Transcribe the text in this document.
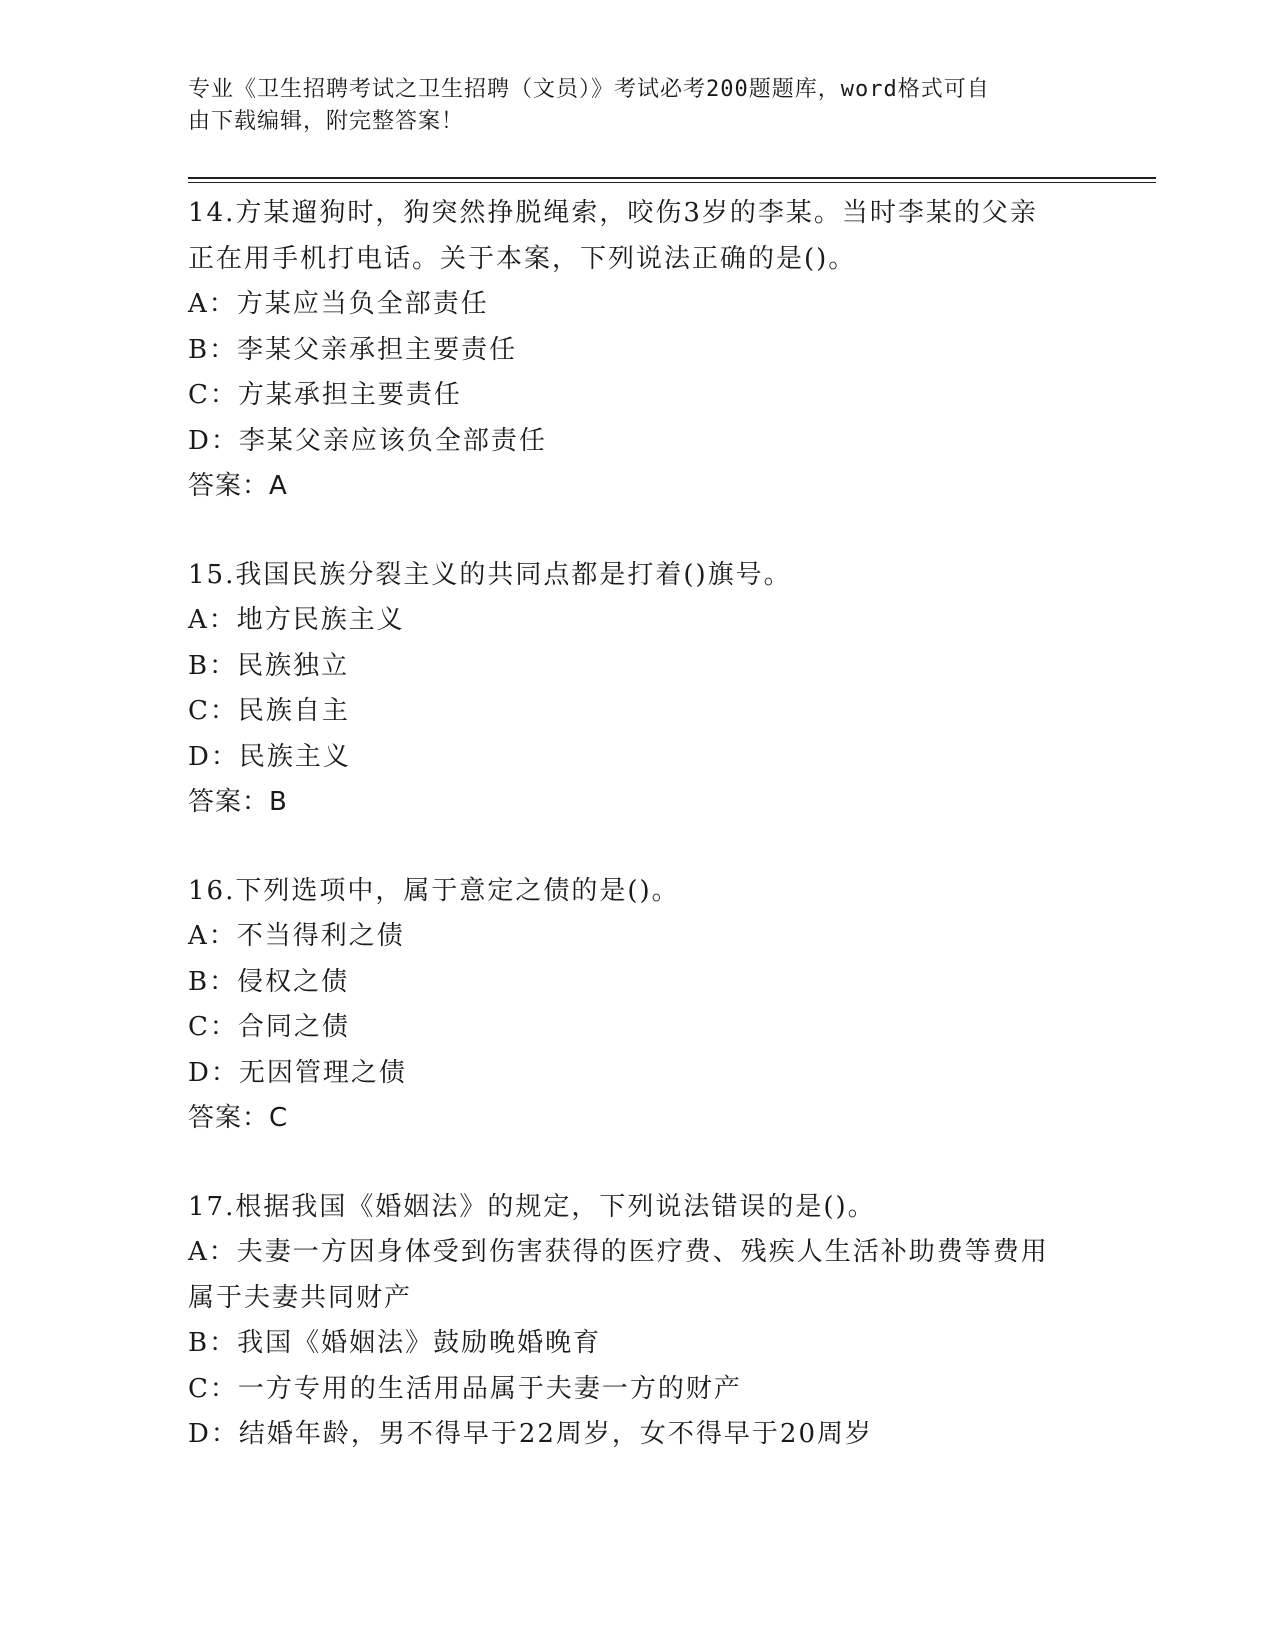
专业《卫生招聘考试之卫生招聘（文员）》考试必考200题题库，word格式可自
由下载编辑，附完整答案！
14.方某遛狗时，狗突然挣脱绳索，咬伤3岁的李某。当时李某的父亲
正在用手机打电话。关于本案，下列说法正确的是()。
A：方某应当负全部责任
B：李某父亲承担主要责任
C：方某承担主要责任
D：李某父亲应该负全部责任
答案：A
15.我国民族分裂主义的共同点都是打着()旗号。
A：地方民族主义
B：民族独立
C：民族自主
D：民族主义
答案：B
16.下列选项中，属于意定之债的是()。
A：不当得利之债
B：侵权之债
C：合同之债
D：无因管理之债
答案：C
17.根据我国《婚姻法》的规定，下列说法错误的是()。
A：夫妻一方因身体受到伤害获得的医疗费、残疾人生活补助费等费用
属于夫妻共同财产
B：我国《婚姻法》鼓励晚婚晚育
C：一方专用的生活用品属于夫妻一方的财产
D：结婚年龄，男不得早于22周岁，女不得早于20周岁
